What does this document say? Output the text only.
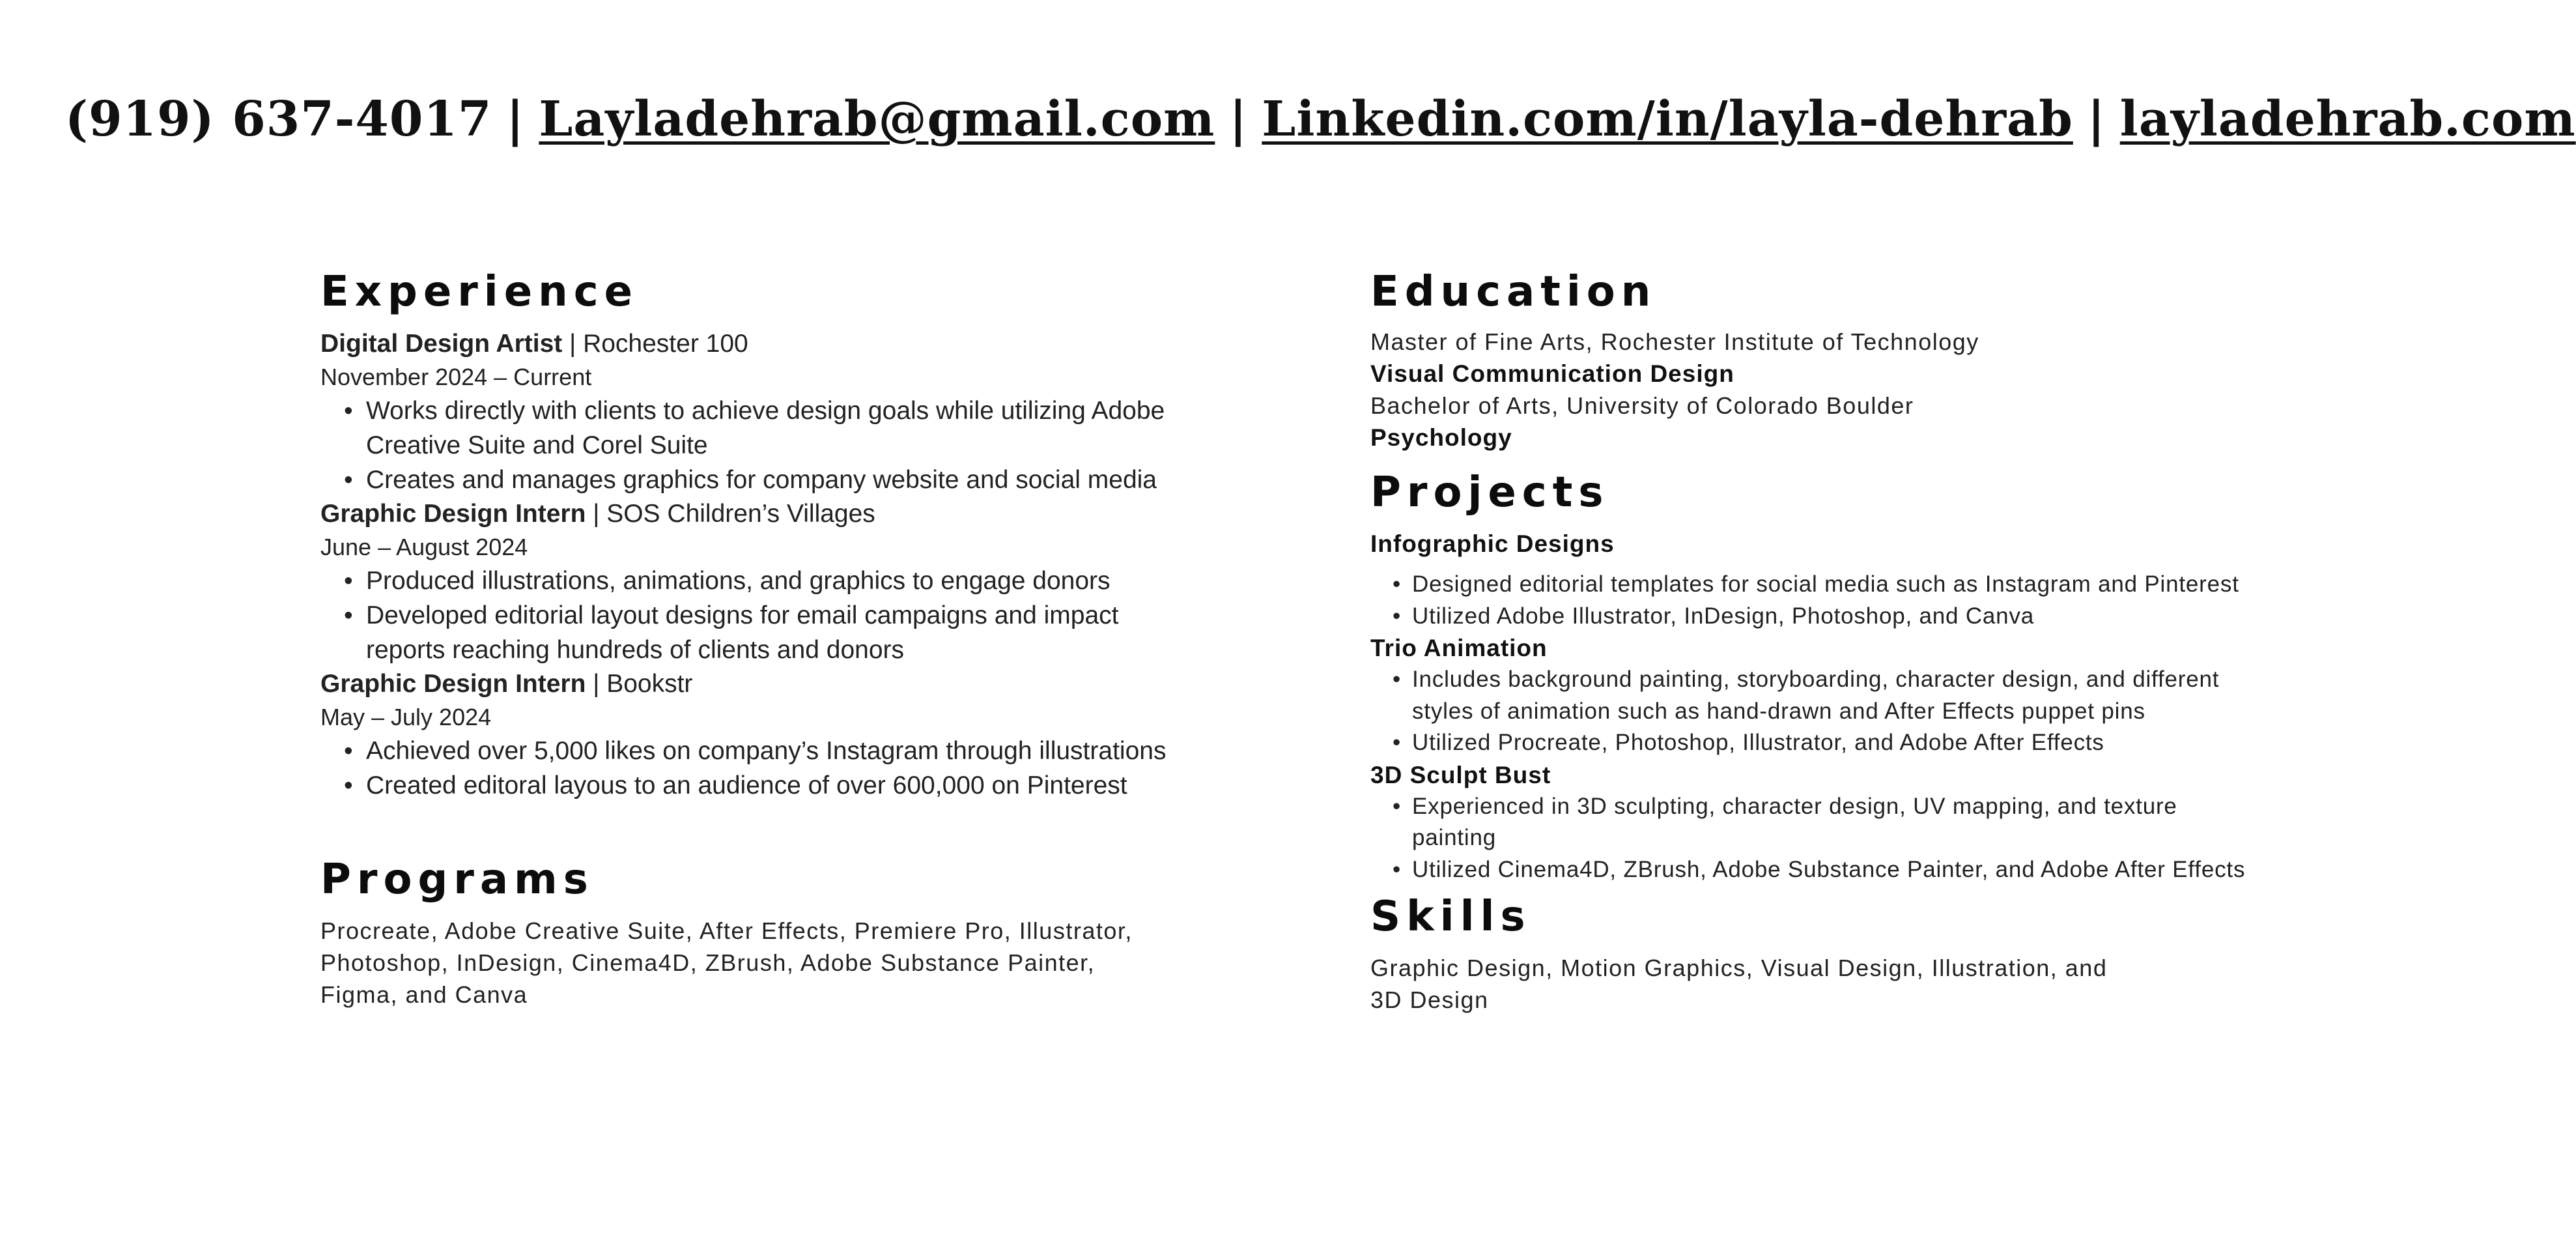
(919) 637-4017 | Layladehrab@gmail.com | Linkedin.com/in/layla-dehrab | layladehrab.com
Experience
Digital Design Artist | Rochester 100
November 2024 – Current
• Works directly with clients to achieve design goals while utilizing Adobe Creative Suite and Corel Suite
• Creates and manages graphics for company website and social media
Graphic Design Intern | SOS Children’s Villages
June – August 2024
• Produced illustrations, animations, and graphics to engage donors
• Developed editorial layout designs for email campaigns and impact reports reaching hundreds of clients and donors
Graphic Design Intern | Bookstr
May – July 2024
• Achieved over 5,000 likes on company’s Instagram through illustrations
• Created editoral layous to an audience of over 600,000 on Pinterest
Programs
Procreate, Adobe Creative Suite, After Effects, Premiere Pro, Illustrator, Photoshop, InDesign, Cinema4D, ZBrush, Adobe Substance Painter, Figma, and Canva
Education
Master of Fine Arts, Rochester Institute of Technology
Visual Communication Design
Bachelor of Arts, University of Colorado Boulder
Psychology
Projects
Infographic Designs
• Designed editorial templates for social media such as Instagram and Pinterest
• Utilized Adobe Illustrator, InDesign, Photoshop, and Canva
Trio Animation
• Includes background painting, storyboarding, character design, and different styles of animation such as hand-drawn and After Effects puppet pins
• Utilized Procreate, Photoshop, Illustrator, and Adobe After Effects
3D Sculpt Bust
• Experienced in 3D sculpting, character design, UV mapping, and texture painting
• Utilized Cinema4D, ZBrush, Adobe Substance Painter, and Adobe After Effects
Skills
Graphic Design, Motion Graphics, Visual Design, Illustration, and 3D Design
